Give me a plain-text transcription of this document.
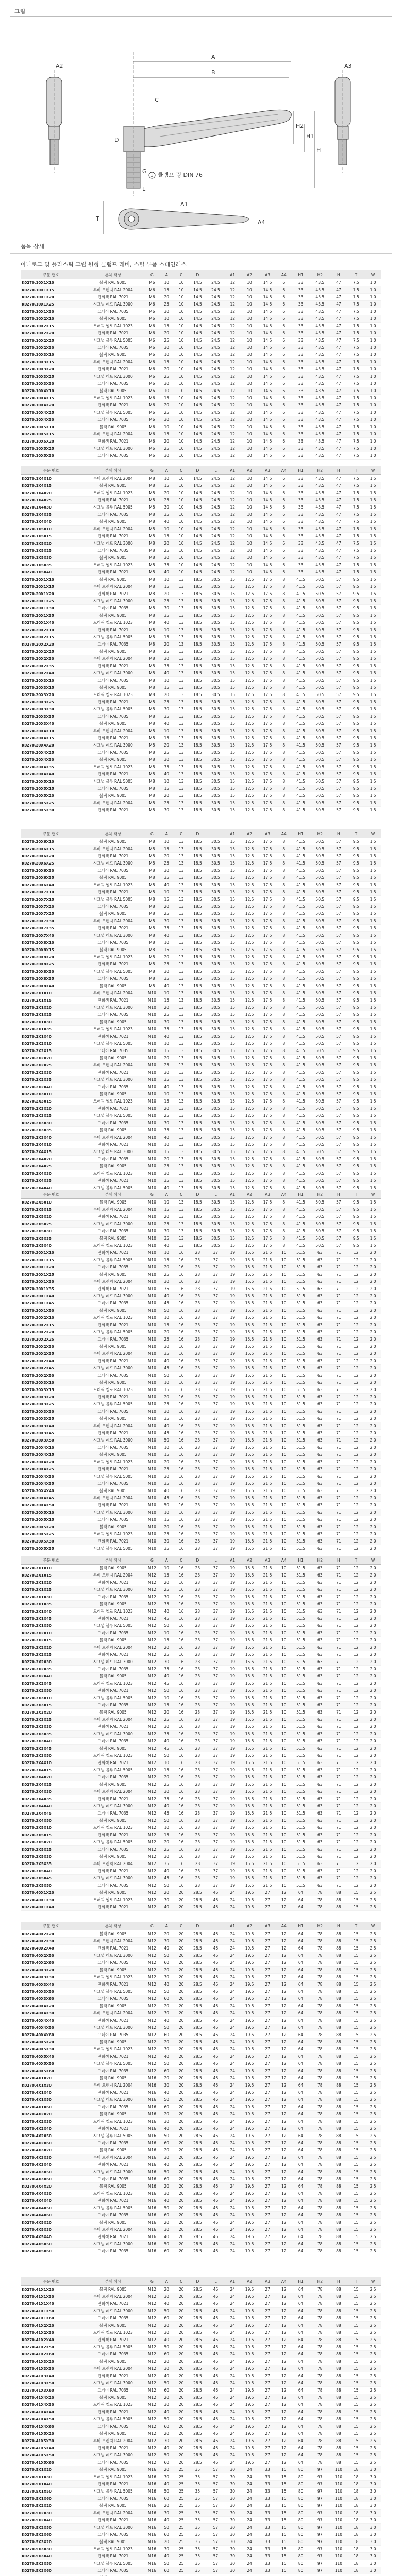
그림
A
B
H
H1
H2
G
D
L
C
T
A1
A2	A3
A4
1 클램프 링 DIN 76
품목 상세
아나로그 및 플라스틱 그립 원형 클램프 레버, 스틸 부품 스테인레스
주문 번호	본체 색상	G	A	C	D	L	A1	A2	A3	A4	H1	H2	H	T	W
K0270.10X1X10	블랙 RAL 9005	M6	10	10	14.5	24.5	12	10	14.5	6	33	43.5	47	7.5	1.0
K0270.10X1X15	루비 오렌지 RAL 2004	M6	15	10	14.5	24.5	12	10	14.5	6	33	43.5	47	7.5	1.0
K0270.10X1X20	진회색 RAL 7021	M6	20	10	14.5	24.5	12	10	14.5	6	33	43.5	47	7.5	1.0
K0270.10X1X25	시그널 레드 RAL 3000	M6	25	10	14.5	24.5	12	10	14.5	6	33	43.5	47	7.5	1.0
K0270.10X1X30	그레이 RAL 7035	M6	30	10	14.5	24.5	12	10	14.5	6	33	43.5	47	7.5	1.0
K0270.10X2X10	블랙 RAL 9005	M6	10	10	14.5	24.5	12	10	14.5	6	33	43.5	47	7.5	1.0
K0270.10X2X15	트래픽 옐로 RAL 1023	M6	15	10	14.5	24.5	12	10	14.5	6	33	43.5	47	7.5	1.0
K0270.10X2X20	진회색 RAL 7021	M6	20	10	14.5	24.5	12	10	14.5	6	33	43.5	47	7.5	1.0
K0270.10X2X25	시그널 블루 RAL 5005	M6	25	10	14.5	24.5	12	10	14.5	6	33	43.5	47	7.5	1.0
K0270.10X2X30	그레이 RAL 7035	M6	30	10	14.5	24.5	12	10	14.5	6	33	43.5	47	7.5	1.0
K0270.10X3X10	블랙 RAL 9005	M6	10	10	14.5	24.5	12	10	14.5	6	33	43.5	47	7.5	1.0
K0270.10X3X15	루비 오렌지 RAL 2004	M6	15	10	14.5	24.5	12	10	14.5	6	33	43.5	47	7.5	1.0
K0270.10X3X20	진회색 RAL 7021	M6	20	10	14.5	24.5	12	10	14.5	6	33	43.5	47	7.5	1.0
K0270.10X3X25	시그널 레드 RAL 3000	M6	25	10	14.5	24.5	12	10	14.5	6	33	43.5	47	7.5	1.0
K0270.10X3X30	그레이 RAL 7035	M6	30	10	14.5	24.5	12	10	14.5	6	33	43.5	47	7.5	1.0
K0270.10X4X10	블랙 RAL 9005	M6	10	10	14.5	24.5	12	10	14.5	6	33	43.5	47	7.5	1.0
K0270.10X4X15	트래픽 옐로 RAL 1023	M6	15	10	14.5	24.5	12	10	14.5	6	33	43.5	47	7.5	1.0
K0270.10X4X20	진회색 RAL 7021	M6	20	10	14.5	24.5	12	10	14.5	6	33	43.5	47	7.5	1.0
K0270.10X4X25	시그널 블루 RAL 5005	M6	25	10	14.5	24.5	12	10	14.5	6	33	43.5	47	7.5	1.0
K0270.10X4X30	그레이 RAL 7035	M6	30	10	14.5	24.5	12	10	14.5	6	33	43.5	47	7.5	1.0
K0270.10X5X10	블랙 RAL 9005	M6	10	10	14.5	24.5	12	10	14.5	6	33	43.5	47	7.5	1.0
K0270.10X5X15	루비 오렌지 RAL 2004	M6	15	10	14.5	24.5	12	10	14.5	6	33	43.5	47	7.5	1.0
K0270.10X5X20	진회색 RAL 7021	M6	20	10	14.5	24.5	12	10	14.5	6	33	43.5	47	7.5	1.0
K0270.10X5X25	시그널 레드 RAL 3000	M6	25	10	14.5	24.5	12	10	14.5	6	33	43.5	47	7.5	1.0
K0270.10X5X30	그레이 RAL 7035	M6	30	10	14.5	24.5	12	10	14.5	6	33	43.5	47	7.5	1.0
주문 번호	본체 색상	G	A	C	D	L	A1	A2	A3	A4	H1	H2	H	T	W
K0270.1X4X10	루비 오렌지 RAL 2004	M8	10	10	14.5	24.5	12	10	14.5	6	33	43.5	47	7.5	1.5
K0270.1X4X15	블랙 RAL 9005	M8	15	10	14.5	24.5	12	10	14.5	6	33	43.5	47	7.5	1.5
K0270.1X4X20	트래픽 옐로 RAL 1023	M8	20	10	14.5	24.5	12	10	14.5	6	33	43.5	47	7.5	1.5
K0270.1X4X25	진회색 RAL 7021	M8	25	10	14.5	24.5	12	10	14.5	6	33	43.5	47	7.5	1.5
K0270.1X4X30	시그널 블루 RAL 5005	M8	30	10	14.5	24.5	12	10	14.5	6	33	43.5	47	7.5	1.5
K0270.1X4X35	그레이 RAL 7035	M8	35	10	14.5	24.5	12	10	14.5	6	33	43.5	47	7.5	1.5
K0270.1X4X40	블랙 RAL 9005	M8	40	10	14.5	24.5	12	10	14.5	6	33	43.5	47	7.5	1.5
K0270.1X5X10	루비 오렌지 RAL 2004	M8	10	10	14.5	24.5	12	10	14.5	6	33	43.5	47	7.5	1.5
K0270.1X5X15	진회색 RAL 7021	M8	15	10	14.5	24.5	12	10	14.5	6	33	43.5	47	7.5	1.5
K0270.1X5X20	시그널 레드 RAL 3000	M8	20	10	14.5	24.5	12	10	14.5	6	33	43.5	47	7.5	1.5
K0270.1X5X25	그레이 RAL 7035	M8	25	10	14.5	24.5	12	10	14.5	6	33	43.5	47	7.5	1.5
K0270.1X5X30	블랙 RAL 9005	M8	30	10	14.5	24.5	12	10	14.5	6	33	43.5	47	7.5	1.5
K0270.1X5X35	트래픽 옐로 RAL 1023	M8	35	10	14.5	24.5	12	10	14.5	6	33	43.5	47	7.5	1.5
K0270.1X5X40	진회색 RAL 7021	M8	40	10	14.5	24.5	12	10	14.5	6	33	43.5	47	7.5	1.5
K0270.20X1X10	블랙 RAL 9005	M8	10	13	18.5	30.5	15	12.5	17.5	8	41.5	50.5	57	9.5	1.5
K0270.20X1X15	루비 오렌지 RAL 2004	M8	15	13	18.5	30.5	15	12.5	17.5	8	41.5	50.5	57	9.5	1.5
K0270.20X1X20	진회색 RAL 7021	M8	20	13	18.5	30.5	15	12.5	17.5	8	41.5	50.5	57	9.5	1.5
K0270.20X1X25	시그널 레드 RAL 3000	M8	25	13	18.5	30.5	15	12.5	17.5	8	41.5	50.5	57	9.5	1.5
K0270.20X1X30	그레이 RAL 7035	M8	30	13	18.5	30.5	15	12.5	17.5	8	41.5	50.5	57	9.5	1.5
K0270.20X1X35	블랙 RAL 9005	M8	35	13	18.5	30.5	15	12.5	17.5	8	41.5	50.5	57	9.5	1.5
K0270.20X1X40	트래픽 옐로 RAL 1023	M8	40	13	18.5	30.5	15	12.5	17.5	8	41.5	50.5	57	9.5	1.5
K0270.20X2X10	진회색 RAL 7021	M8	10	13	18.5	30.5	15	12.5	17.5	8	41.5	50.5	57	9.5	1.5
K0270.20X2X15	시그널 블루 RAL 5005	M8	15	13	18.5	30.5	15	12.5	17.5	8	41.5	50.5	57	9.5	1.5
K0270.20X2X20	그레이 RAL 7035	M8	20	13	18.5	30.5	15	12.5	17.5	8	41.5	50.5	57	9.5	1.5
K0270.20X2X25	블랙 RAL 9005	M8	25	13	18.5	30.5	15	12.5	17.5	8	41.5	50.5	57	9.5	1.5
K0270.20X2X30	루비 오렌지 RAL 2004	M8	30	13	18.5	30.5	15	12.5	17.5	8	41.5	50.5	57	9.5	1.5
K0270.20X2X35	진회색 RAL 7021	M8	35	13	18.5	30.5	15	12.5	17.5	8	41.5	50.5	57	9.5	1.5
K0270.20X2X40	시그널 레드 RAL 3000	M8	40	13	18.5	30.5	15	12.5	17.5	8	41.5	50.5	57	9.5	1.5
K0270.20X3X10	그레이 RAL 7035	M8	10	13	18.5	30.5	15	12.5	17.5	8	41.5	50.5	57	9.5	1.5
K0270.20X3X15	블랙 RAL 9005	M8	15	13	18.5	30.5	15	12.5	17.5	8	41.5	50.5	57	9.5	1.5
K0270.20X3X20	트래픽 옐로 RAL 1023	M8	20	13	18.5	30.5	15	12.5	17.5	8	41.5	50.5	57	9.5	1.5
K0270.20X3X25	진회색 RAL 7021	M8	25	13	18.5	30.5	15	12.5	17.5	8	41.5	50.5	57	9.5	1.5
K0270.20X3X30	시그널 블루 RAL 5005	M8	30	13	18.5	30.5	15	12.5	17.5	8	41.5	50.5	57	9.5	1.5
K0270.20X3X35	그레이 RAL 7035	M8	35	13	18.5	30.5	15	12.5	17.5	8	41.5	50.5	57	9.5	1.5
K0270.20X3X40	블랙 RAL 9005	M8	40	13	18.5	30.5	15	12.5	17.5	8	41.5	50.5	57	9.5	1.5
K0270.20X4X10	루비 오렌지 RAL 2004	M8	10	13	18.5	30.5	15	12.5	17.5	8	41.5	50.5	57	9.5	1.5
K0270.20X4X15	진회색 RAL 7021	M8	15	13	18.5	30.5	15	12.5	17.5	8	41.5	50.5	57	9.5	1.5
K0270.20X4X20	시그널 레드 RAL 3000	M8	20	13	18.5	30.5	15	12.5	17.5	8	41.5	50.5	57	9.5	1.5
K0270.20X4X25	그레이 RAL 7035	M8	25	13	18.5	30.5	15	12.5	17.5	8	41.5	50.5	57	9.5	1.5
K0270.20X4X30	블랙 RAL 9005	M8	30	13	18.5	30.5	15	12.5	17.5	8	41.5	50.5	57	9.5	1.5
K0270.20X4X35	트래픽 옐로 RAL 1023	M8	35	13	18.5	30.5	15	12.5	17.5	8	41.5	50.5	57	9.5	1.5
K0270.20X4X40	진회색 RAL 7021	M8	40	13	18.5	30.5	15	12.5	17.5	8	41.5	50.5	57	9.5	1.5
K0270.20X5X10	시그널 블루 RAL 5005	M8	10	13	18.5	30.5	15	12.5	17.5	8	41.5	50.5	57	9.5	1.5
K0270.20X5X15	그레이 RAL 7035	M8	15	13	18.5	30.5	15	12.5	17.5	8	41.5	50.5	57	9.5	1.5
K0270.20X5X20	블랙 RAL 9005	M8	20	13	18.5	30.5	15	12.5	17.5	8	41.5	50.5	57	9.5	1.5
K0270.20X5X25	루비 오렌지 RAL 2004	M8	25	13	18.5	30.5	15	12.5	17.5	8	41.5	50.5	57	9.5	1.5
K0270.20X5X30	진회색 RAL 7021	M8	30	13	18.5	30.5	15	12.5	17.5	8	41.5	50.5	57	9.5	1.5
주문 번호	본체 색상	G	A	C	D	L	A1	A2	A3	A4	H1	H2	H	T	W
K0270.20X6X10	블랙 RAL 9005	M8	10	13	18.5	30.5	15	12.5	17.5	8	41.5	50.5	57	9.5	1.5
K0270.20X6X15	루비 오렌지 RAL 2004	M8	15	13	18.5	30.5	15	12.5	17.5	8	41.5	50.5	57	9.5	1.5
K0270.20X6X20	진회색 RAL 7021	M8	20	13	18.5	30.5	15	12.5	17.5	8	41.5	50.5	57	9.5	1.5
K0270.20X6X25	시그널 레드 RAL 3000	M8	25	13	18.5	30.5	15	12.5	17.5	8	41.5	50.5	57	9.5	1.5
K0270.20X6X30	그레이 RAL 7035	M8	30	13	18.5	30.5	15	12.5	17.5	8	41.5	50.5	57	9.5	1.5
K0270.20X6X35	블랙 RAL 9005	M8	35	13	18.5	30.5	15	12.5	17.5	8	41.5	50.5	57	9.5	1.5
K0270.20X6X40	트래픽 옐로 RAL 1023	M8	40	13	18.5	30.5	15	12.5	17.5	8	41.5	50.5	57	9.5	1.5
K0270.20X7X10	진회색 RAL 7021	M8	10	13	18.5	30.5	15	12.5	17.5	8	41.5	50.5	57	9.5	1.5
K0270.20X7X15	시그널 블루 RAL 5005	M8	15	13	18.5	30.5	15	12.5	17.5	8	41.5	50.5	57	9.5	1.5
K0270.20X7X20	그레이 RAL 7035	M8	20	13	18.5	30.5	15	12.5	17.5	8	41.5	50.5	57	9.5	1.5
K0270.20X7X25	블랙 RAL 9005	M8	25	13	18.5	30.5	15	12.5	17.5	8	41.5	50.5	57	9.5	1.5
K0270.20X7X30	루비 오렌지 RAL 2004	M8	30	13	18.5	30.5	15	12.5	17.5	8	41.5	50.5	57	9.5	1.5
K0270.20X7X35	진회색 RAL 7021	M8	35	13	18.5	30.5	15	12.5	17.5	8	41.5	50.5	57	9.5	1.5
K0270.20X7X40	시그널 레드 RAL 3000	M8	40	13	18.5	30.5	15	12.5	17.5	8	41.5	50.5	57	9.5	1.5
K0270.20X8X10	그레이 RAL 7035	M8	10	13	18.5	30.5	15	12.5	17.5	8	41.5	50.5	57	9.5	1.5
K0270.20X8X15	블랙 RAL 9005	M8	15	13	18.5	30.5	15	12.5	17.5	8	41.5	50.5	57	9.5	1.5
K0270.20X8X20	트래픽 옐로 RAL 1023	M8	20	13	18.5	30.5	15	12.5	17.5	8	41.5	50.5	57	9.5	1.5
K0270.20X8X25	진회색 RAL 7021	M8	25	13	18.5	30.5	15	12.5	17.5	8	41.5	50.5	57	9.5	1.5
K0270.20X8X30	시그널 블루 RAL 5005	M8	30	13	18.5	30.5	15	12.5	17.5	8	41.5	50.5	57	9.5	1.5
K0270.20X8X35	그레이 RAL 7035	M8	35	13	18.5	30.5	15	12.5	17.5	8	41.5	50.5	57	9.5	1.5
K0270.20X8X40	블랙 RAL 9005	M8	40	13	18.5	30.5	15	12.5	17.5	8	41.5	50.5	57	9.5	1.5
K0270.2X1X10	루비 오렌지 RAL 2004	M10	10	13	18.5	30.5	15	12.5	17.5	8	41.5	50.5	57	9.5	1.5
K0270.2X1X15	진회색 RAL 7021	M10	15	13	18.5	30.5	15	12.5	17.5	8	41.5	50.5	57	9.5	1.5
K0270.2X1X20	시그널 레드 RAL 3000	M10	20	13	18.5	30.5	15	12.5	17.5	8	41.5	50.5	57	9.5	1.5
K0270.2X1X25	그레이 RAL 7035	M10	25	13	18.5	30.5	15	12.5	17.5	8	41.5	50.5	57	9.5	1.5
K0270.2X1X30	블랙 RAL 9005	M10	30	13	18.5	30.5	15	12.5	17.5	8	41.5	50.5	57	9.5	1.5
K0270.2X1X35	트래픽 옐로 RAL 1023	M10	35	13	18.5	30.5	15	12.5	17.5	8	41.5	50.5	57	9.5	1.5
K0270.2X1X40	진회색 RAL 7021	M10	40	13	18.5	30.5	15	12.5	17.5	8	41.5	50.5	57	9.5	1.5
K0270.2X2X10	시그널 블루 RAL 5005	M10	10	13	18.5	30.5	15	12.5	17.5	8	41.5	50.5	57	9.5	1.5
K0270.2X2X15	그레이 RAL 7035	M10	15	13	18.5	30.5	15	12.5	17.5	8	41.5	50.5	57	9.5	1.5
K0270.2X2X20	블랙 RAL 9005	M10	20	13	18.5	30.5	15	12.5	17.5	8	41.5	50.5	57	9.5	1.5
K0270.2X2X25	루비 오렌지 RAL 2004	M10	25	13	18.5	30.5	15	12.5	17.5	8	41.5	50.5	57	9.5	1.5
K0270.2X2X30	진회색 RAL 7021	M10	30	13	18.5	30.5	15	12.5	17.5	8	41.5	50.5	57	9.5	1.5
K0270.2X2X35	시그널 레드 RAL 3000	M10	35	13	18.5	30.5	15	12.5	17.5	8	41.5	50.5	57	9.5	1.5
K0270.2X2X40	그레이 RAL 7035	M10	40	13	18.5	30.5	15	12.5	17.5	8	41.5	50.5	57	9.5	1.5
K0270.2X3X10	블랙 RAL 9005	M10	10	13	18.5	30.5	15	12.5	17.5	8	41.5	50.5	57	9.5	1.5
K0270.2X3X15	트래픽 옐로 RAL 1023	M10	15	13	18.5	30.5	15	12.5	17.5	8	41.5	50.5	57	9.5	1.5
K0270.2X3X20	진회색 RAL 7021	M10	20	13	18.5	30.5	15	12.5	17.5	8	41.5	50.5	57	9.5	1.5
K0270.2X3X25	시그널 블루 RAL 5005	M10	25	13	18.5	30.5	15	12.5	17.5	8	41.5	50.5	57	9.5	1.5
K0270.2X3X30	그레이 RAL 7035	M10	30	13	18.5	30.5	15	12.5	17.5	8	41.5	50.5	57	9.5	1.5
K0270.2X3X35	블랙 RAL 9005	M10	35	13	18.5	30.5	15	12.5	17.5	8	41.5	50.5	57	9.5	1.5
K0270.2X3X40	루비 오렌지 RAL 2004	M10	40	13	18.5	30.5	15	12.5	17.5	8	41.5	50.5	57	9.5	1.5
K0270.2X4X10	진회색 RAL 7021	M10	10	13	18.5	30.5	15	12.5	17.5	8	41.5	50.5	57	9.5	1.5
K0270.2X4X15	시그널 레드 RAL 3000	M10	15	13	18.5	30.5	15	12.5	17.5	8	41.5	50.5	57	9.5	1.5
K0270.2X4X20	그레이 RAL 7035	M10	20	13	18.5	30.5	15	12.5	17.5	8	41.5	50.5	57	9.5	1.5
K0270.2X4X25	블랙 RAL 9005	M10	25	13	18.5	30.5	15	12.5	17.5	8	41.5	50.5	57	9.5	1.5
K0270.2X4X30	트래픽 옐로 RAL 1023	M10	30	13	18.5	30.5	15	12.5	17.5	8	41.5	50.5	57	9.5	1.5
K0270.2X4X35	진회색 RAL 7021	M10	35	13	18.5	30.5	15	12.5	17.5	8	41.5	50.5	57	9.5	1.5
K0270.2X4X40	시그널 블루 RAL 5005	M10	40	13	18.5	30.5	15	12.5	17.5	8	41.5	50.5	57	9.5	1.5
주문 번호	본체 색상	G	A	C	D	L	A1	A2	A3	A4	H1	H2	H	T	W
K0270.2X5X10	블랙 RAL 9005	M10	10	13	18.5	30.5	15	12.5	17.5	8	41.5	50.5	57	9.5	1.5
K0270.2X5X15	루비 오렌지 RAL 2004	M10	15	13	18.5	30.5	15	12.5	17.5	8	41.5	50.5	57	9.5	1.5
K0270.2X5X20	진회색 RAL 7021	M10	20	13	18.5	30.5	15	12.5	17.5	8	41.5	50.5	57	9.5	1.5
K0270.2X5X25	시그널 레드 RAL 3000	M10	25	13	18.5	30.5	15	12.5	17.5	8	41.5	50.5	57	9.5	1.5
K0270.2X5X30	그레이 RAL 7035	M10	30	13	18.5	30.5	15	12.5	17.5	8	41.5	50.5	57	9.5	1.5
K0270.2X5X35	블랙 RAL 9005	M10	35	13	18.5	30.5	15	12.5	17.5	8	41.5	50.5	57	9.5	1.5
K0270.2X5X40	트래픽 옐로 RAL 1023	M10	40	13	18.5	30.5	15	12.5	17.5	8	41.5	50.5	57	9.5	1.5
K0270.30X1X10	진회색 RAL 7021	M10	10	16	23	37	19	15.5	21.5	10	51.5	63	71	12	2.0
K0270.30X1X15	시그널 블루 RAL 5005	M10	15	16	23	37	19	15.5	21.5	10	51.5	63	71	12	2.0
K0270.30X1X20	그레이 RAL 7035	M10	20	16	23	37	19	15.5	21.5	10	51.5	63	71	12	2.0
K0270.30X1X25	블랙 RAL 9005	M10	25	16	23	37	19	15.5	21.5	10	51.5	63	71	12	2.0
K0270.30X1X30	루비 오렌지 RAL 2004	M10	30	16	23	37	19	15.5	21.5	10	51.5	63	71	12	2.0
K0270.30X1X35	진회색 RAL 7021	M10	35	16	23	37	19	15.5	21.5	10	51.5	63	71	12	2.0
K0270.30X1X40	시그널 레드 RAL 3000	M10	40	16	23	37	19	15.5	21.5	10	51.5	63	71	12	2.0
K0270.30X1X45	그레이 RAL 7035	M10	45	16	23	37	19	15.5	21.5	10	51.5	63	71	12	2.0
K0270.30X1X50	블랙 RAL 9005	M10	50	16	23	37	19	15.5	21.5	10	51.5	63	71	12	2.0
K0270.30X2X10	트래픽 옐로 RAL 1023	M10	10	16	23	37	19	15.5	21.5	10	51.5	63	71	12	2.0
K0270.30X2X15	진회색 RAL 7021	M10	15	16	23	37	19	15.5	21.5	10	51.5	63	71	12	2.0
K0270.30X2X20	시그널 블루 RAL 5005	M10	20	16	23	37	19	15.5	21.5	10	51.5	63	71	12	2.0
K0270.30X2X25	그레이 RAL 7035	M10	25	16	23	37	19	15.5	21.5	10	51.5	63	71	12	2.0
K0270.30X2X30	블랙 RAL 9005	M10	30	16	23	37	19	15.5	21.5	10	51.5	63	71	12	2.0
K0270.30X2X35	루비 오렌지 RAL 2004	M10	35	16	23	37	19	15.5	21.5	10	51.5	63	71	12	2.0
K0270.30X2X40	진회색 RAL 7021	M10	40	16	23	37	19	15.5	21.5	10	51.5	63	71	12	2.0
K0270.30X2X45	시그널 레드 RAL 3000	M10	45	16	23	37	19	15.5	21.5	10	51.5	63	71	12	2.0
K0270.30X2X50	그레이 RAL 7035	M10	50	16	23	37	19	15.5	21.5	10	51.5	63	71	12	2.0
K0270.30X3X10	블랙 RAL 9005	M10	10	16	23	37	19	15.5	21.5	10	51.5	63	71	12	2.0
K0270.30X3X15	트래픽 옐로 RAL 1023	M10	15	16	23	37	19	15.5	21.5	10	51.5	63	71	12	2.0
K0270.30X3X20	진회색 RAL 7021	M10	20	16	23	37	19	15.5	21.5	10	51.5	63	71	12	2.0
K0270.30X3X25	시그널 블루 RAL 5005	M10	25	16	23	37	19	15.5	21.5	10	51.5	63	71	12	2.0
K0270.30X3X30	그레이 RAL 7035	M10	30	16	23	37	19	15.5	21.5	10	51.5	63	71	12	2.0
K0270.30X3X35	블랙 RAL 9005	M10	35	16	23	37	19	15.5	21.5	10	51.5	63	71	12	2.0
K0270.30X3X40	루비 오렌지 RAL 2004	M10	40	16	23	37	19	15.5	21.5	10	51.5	63	71	12	2.0
K0270.30X3X45	진회색 RAL 7021	M10	45	16	23	37	19	15.5	21.5	10	51.5	63	71	12	2.0
K0270.30X3X50	시그널 레드 RAL 3000	M10	50	16	23	37	19	15.5	21.5	10	51.5	63	71	12	2.0
K0270.30X4X10	그레이 RAL 7035	M10	10	16	23	37	19	15.5	21.5	10	51.5	63	71	12	2.0
K0270.30X4X15	블랙 RAL 9005	M10	15	16	23	37	19	15.5	21.5	10	51.5	63	71	12	2.0
K0270.30X4X20	트래픽 옐로 RAL 1023	M10	20	16	23	37	19	15.5	21.5	10	51.5	63	71	12	2.0
K0270.30X4X25	진회색 RAL 7021	M10	25	16	23	37	19	15.5	21.5	10	51.5	63	71	12	2.0
K0270.30X4X30	시그널 블루 RAL 5005	M10	30	16	23	37	19	15.5	21.5	10	51.5	63	71	12	2.0
K0270.30X4X35	그레이 RAL 7035	M10	35	16	23	37	19	15.5	21.5	10	51.5	63	71	12	2.0
K0270.30X4X40	블랙 RAL 9005	M10	40	16	23	37	19	15.5	21.5	10	51.5	63	71	12	2.0
K0270.30X4X45	루비 오렌지 RAL 2004	M10	45	16	23	37	19	15.5	21.5	10	51.5	63	71	12	2.0
K0270.30X4X50	진회색 RAL 7021	M10	50	16	23	37	19	15.5	21.5	10	51.5	63	71	12	2.0
K0270.30X5X10	시그널 레드 RAL 3000	M10	10	16	23	37	19	15.5	21.5	10	51.5	63	71	12	2.0
K0270.30X5X15	그레이 RAL 7035	M10	15	16	23	37	19	15.5	21.5	10	51.5	63	71	12	2.0
K0270.30X5X20	블랙 RAL 9005	M10	20	16	23	37	19	15.5	21.5	10	51.5	63	71	12	2.0
K0270.30X5X25	트래픽 옐로 RAL 1023	M10	25	16	23	37	19	15.5	21.5	10	51.5	63	71	12	2.0
K0270.30X5X30	진회색 RAL 7021	M10	30	16	23	37	19	15.5	21.5	10	51.5	63	71	12	2.0
K0270.30X5X35	시그널 블루 RAL 5005	M10	35	16	23	37	19	15.5	21.5	10	51.5	63	71	12	2.0
주문 번호	본체 색상	G	A	C	D	L	A1	A2	A3	A4	H1	H2	H	T	W
K0270.3X1X10	블랙 RAL 9005	M12	10	16	23	37	19	15.5	21.5	10	51.5	63	71	12	2.0
K0270.3X1X15	루비 오렌지 RAL 2004	M12	15	16	23	37	19	15.5	21.5	10	51.5	63	71	12	2.0
K0270.3X1X20	진회색 RAL 7021	M12	20	16	23	37	19	15.5	21.5	10	51.5	63	71	12	2.0
K0270.3X1X25	시그널 레드 RAL 3000	M12	25	16	23	37	19	15.5	21.5	10	51.5	63	71	12	2.0
K0270.3X1X30	그레이 RAL 7035	M12	30	16	23	37	19	15.5	21.5	10	51.5	63	71	12	2.0
K0270.3X1X35	블랙 RAL 9005	M12	35	16	23	37	19	15.5	21.5	10	51.5	63	71	12	2.0
K0270.3X1X40	트래픽 옐로 RAL 1023	M12	40	16	23	37	19	15.5	21.5	10	51.5	63	71	12	2.0
K0270.3X1X45	진회색 RAL 7021	M12	45	16	23	37	19	15.5	21.5	10	51.5	63	71	12	2.0
K0270.3X1X50	시그널 블루 RAL 5005	M12	50	16	23	37	19	15.5	21.5	10	51.5	63	71	12	2.0
K0270.3X2X10	그레이 RAL 7035	M12	10	16	23	37	19	15.5	21.5	10	51.5	63	71	12	2.0
K0270.3X2X15	블랙 RAL 9005	M12	15	16	23	37	19	15.5	21.5	10	51.5	63	71	12	2.0
K0270.3X2X20	루비 오렌지 RAL 2004	M12	20	16	23	37	19	15.5	21.5	10	51.5	63	71	12	2.0
K0270.3X2X25	진회색 RAL 7021	M12	25	16	23	37	19	15.5	21.5	10	51.5	63	71	12	2.0
K0270.3X2X30	시그널 레드 RAL 3000	M12	30	16	23	37	19	15.5	21.5	10	51.5	63	71	12	2.0
K0270.3X2X35	그레이 RAL 7035	M12	35	16	23	37	19	15.5	21.5	10	51.5	63	71	12	2.0
K0270.3X2X40	블랙 RAL 9005	M12	40	16	23	37	19	15.5	21.5	10	51.5	63	71	12	2.0
K0270.3X2X45	트래픽 옐로 RAL 1023	M12	45	16	23	37	19	15.5	21.5	10	51.5	63	71	12	2.0
K0270.3X2X50	진회색 RAL 7021	M12	50	16	23	37	19	15.5	21.5	10	51.5	63	71	12	2.0
K0270.3X3X10	시그널 블루 RAL 5005	M12	10	16	23	37	19	15.5	21.5	10	51.5	63	71	12	2.0
K0270.3X3X15	그레이 RAL 7035	M12	15	16	23	37	19	15.5	21.5	10	51.5	63	71	12	2.0
K0270.3X3X20	블랙 RAL 9005	M12	20	16	23	37	19	15.5	21.5	10	51.5	63	71	12	2.0
K0270.3X3X25	루비 오렌지 RAL 2004	M12	25	16	23	37	19	15.5	21.5	10	51.5	63	71	12	2.0
K0270.3X3X30	진회색 RAL 7021	M12	30	16	23	37	19	15.5	21.5	10	51.5	63	71	12	2.0
K0270.3X3X35	시그널 레드 RAL 3000	M12	35	16	23	37	19	15.5	21.5	10	51.5	63	71	12	2.0
K0270.3X3X40	그레이 RAL 7035	M12	40	16	23	37	19	15.5	21.5	10	51.5	63	71	12	2.0
K0270.3X3X45	블랙 RAL 9005	M12	45	16	23	37	19	15.5	21.5	10	51.5	63	71	12	2.0
K0270.3X3X50	트래픽 옐로 RAL 1023	M12	50	16	23	37	19	15.5	21.5	10	51.5	63	71	12	2.0
K0270.3X4X10	진회색 RAL 7021	M12	10	16	23	37	19	15.5	21.5	10	51.5	63	71	12	2.0
K0270.3X4X15	시그널 블루 RAL 5005	M12	15	16	23	37	19	15.5	21.5	10	51.5	63	71	12	2.0
K0270.3X4X20	그레이 RAL 7035	M12	20	16	23	37	19	15.5	21.5	10	51.5	63	71	12	2.0
K0270.3X4X25	블랙 RAL 9005	M12	25	16	23	37	19	15.5	21.5	10	51.5	63	71	12	2.0
K0270.3X4X30	루비 오렌지 RAL 2004	M12	30	16	23	37	19	15.5	21.5	10	51.5	63	71	12	2.0
K0270.3X4X35	진회색 RAL 7021	M12	35	16	23	37	19	15.5	21.5	10	51.5	63	71	12	2.0
K0270.3X4X40	시그널 레드 RAL 3000	M12	40	16	23	37	19	15.5	21.5	10	51.5	63	71	12	2.0
K0270.3X4X45	그레이 RAL 7035	M12	45	16	23	37	19	15.5	21.5	10	51.5	63	71	12	2.0
K0270.3X4X50	블랙 RAL 9005	M12	50	16	23	37	19	15.5	21.5	10	51.5	63	71	12	2.0
K0270.3X5X10	트래픽 옐로 RAL 1023	M12	10	16	23	37	19	15.5	21.5	10	51.5	63	71	12	2.0
K0270.3X5X15	진회색 RAL 7021	M12	15	16	23	37	19	15.5	21.5	10	51.5	63	71	12	2.0
K0270.3X5X20	시그널 블루 RAL 5005	M12	20	16	23	37	19	15.5	21.5	10	51.5	63	71	12	2.0
K0270.3X5X25	그레이 RAL 7035	M12	25	16	23	37	19	15.5	21.5	10	51.5	63	71	12	2.0
K0270.3X5X30	블랙 RAL 9005	M12	30	16	23	37	19	15.5	21.5	10	51.5	63	71	12	2.0
K0270.3X5X35	루비 오렌지 RAL 2004	M12	35	16	23	37	19	15.5	21.5	10	51.5	63	71	12	2.0
K0270.3X5X40	진회색 RAL 7021	M12	40	16	23	37	19	15.5	21.5	10	51.5	63	71	12	2.0
K0270.3X5X45	시그널 레드 RAL 3000	M12	45	16	23	37	19	15.5	21.5	10	51.5	63	71	12	2.0
K0270.3X5X50	그레이 RAL 7035	M12	50	16	23	37	19	15.5	21.5	10	51.5	63	71	12	2.0
K0270.40X1X20	블랙 RAL 9005	M12	20	20	28.5	46	24	19.5	27	12	64	78	88	15	2.5
K0270.40X1X30	트래픽 옐로 RAL 1023	M12	30	20	28.5	46	24	19.5	27	12	64	78	88	15	2.5
K0270.40X1X40	진회색 RAL 7021	M12	40	20	28.5	46	24	19.5	27	12	64	78	88	15	2.5
주문 번호	본체 색상	G	A	C	D	L	A1	A2	A3	A4	H1	H2	H	T	W
K0270.40X2X20	블랙 RAL 9005	M12	20	20	28.5	46	24	19.5	27	12	64	78	88	15	2.5
K0270.40X2X30	루비 오렌지 RAL 2004	M12	30	20	28.5	46	24	19.5	27	12	64	78	88	15	2.5
K0270.40X2X40	진회색 RAL 7021	M12	40	20	28.5	46	24	19.5	27	12	64	78	88	15	2.5
K0270.40X2X50	시그널 레드 RAL 3000	M12	50	20	28.5	46	24	19.5	27	12	64	78	88	15	2.5
K0270.40X2X60	그레이 RAL 7035	M12	60	20	28.5	46	24	19.5	27	12	64	78	88	15	2.5
K0270.40X3X20	블랙 RAL 9005	M12	20	20	28.5	46	24	19.5	27	12	64	78	88	15	2.5
K0270.40X3X30	트래픽 옐로 RAL 1023	M12	30	20	28.5	46	24	19.5	27	12	64	78	88	15	2.5
K0270.40X3X40	진회색 RAL 7021	M12	40	20	28.5	46	24	19.5	27	12	64	78	88	15	2.5
K0270.40X3X50	시그널 블루 RAL 5005	M12	50	20	28.5	46	24	19.5	27	12	64	78	88	15	2.5
K0270.40X3X60	그레이 RAL 7035	M12	60	20	28.5	46	24	19.5	27	12	64	78	88	15	2.5
K0270.40X4X20	블랙 RAL 9005	M12	20	20	28.5	46	24	19.5	27	12	64	78	88	15	2.5
K0270.40X4X30	루비 오렌지 RAL 2004	M12	30	20	28.5	46	24	19.5	27	12	64	78	88	15	2.5
K0270.40X4X40	진회색 RAL 7021	M12	40	20	28.5	46	24	19.5	27	12	64	78	88	15	2.5
K0270.40X4X50	시그널 레드 RAL 3000	M12	50	20	28.5	46	24	19.5	27	12	64	78	88	15	2.5
K0270.40X4X60	그레이 RAL 7035	M12	60	20	28.5	46	24	19.5	27	12	64	78	88	15	2.5
K0270.40X5X20	블랙 RAL 9005	M12	20	20	28.5	46	24	19.5	27	12	64	78	88	15	2.5
K0270.40X5X30	트래픽 옐로 RAL 1023	M12	30	20	28.5	46	24	19.5	27	12	64	78	88	15	2.5
K0270.40X5X40	진회색 RAL 7021	M12	40	20	28.5	46	24	19.5	27	12	64	78	88	15	2.5
K0270.40X5X50	시그널 블루 RAL 5005	M12	50	20	28.5	46	24	19.5	27	12	64	78	88	15	2.5
K0270.40X5X60	그레이 RAL 7035	M12	60	20	28.5	46	24	19.5	27	12	64	78	88	15	2.5
K0270.4X1X20	블랙 RAL 9005	M16	20	20	28.5	46	24	19.5	27	12	64	78	88	15	2.5
K0270.4X1X30	루비 오렌지 RAL 2004	M16	30	20	28.5	46	24	19.5	27	12	64	78	88	15	2.5
K0270.4X1X40	진회색 RAL 7021	M16	40	20	28.5	46	24	19.5	27	12	64	78	88	15	2.5
K0270.4X1X50	시그널 레드 RAL 3000	M16	50	20	28.5	46	24	19.5	27	12	64	78	88	15	2.5
K0270.4X1X60	그레이 RAL 7035	M16	60	20	28.5	46	24	19.5	27	12	64	78	88	15	2.5
K0270.4X2X20	블랙 RAL 9005	M16	20	20	28.5	46	24	19.5	27	12	64	78	88	15	2.5
K0270.4X2X30	트래픽 옐로 RAL 1023	M16	30	20	28.5	46	24	19.5	27	12	64	78	88	15	2.5
K0270.4X2X40	진회색 RAL 7021	M16	40	20	28.5	46	24	19.5	27	12	64	78	88	15	2.5
K0270.4X2X50	시그널 블루 RAL 5005	M16	50	20	28.5	46	24	19.5	27	12	64	78	88	15	2.5
K0270.4X2X60	그레이 RAL 7035	M16	60	20	28.5	46	24	19.5	27	12	64	78	88	15	2.5
K0270.4X3X20	블랙 RAL 9005	M16	20	20	28.5	46	24	19.5	27	12	64	78	88	15	2.5
K0270.4X3X30	루비 오렌지 RAL 2004	M16	30	20	28.5	46	24	19.5	27	12	64	78	88	15	2.5
K0270.4X3X40	진회색 RAL 7021	M16	40	20	28.5	46	24	19.5	27	12	64	78	88	15	2.5
K0270.4X3X50	시그널 레드 RAL 3000	M16	50	20	28.5	46	24	19.5	27	12	64	78	88	15	2.5
K0270.4X3X60	그레이 RAL 7035	M16	60	20	28.5	46	24	19.5	27	12	64	78	88	15	2.5
K0270.4X4X20	블랙 RAL 9005	M16	20	20	28.5	46	24	19.5	27	12	64	78	88	15	2.5
K0270.4X4X30	트래픽 옐로 RAL 1023	M16	30	20	28.5	46	24	19.5	27	12	64	78	88	15	2.5
K0270.4X4X40	진회색 RAL 7021	M16	40	20	28.5	46	24	19.5	27	12	64	78	88	15	2.5
K0270.4X4X50	시그널 블루 RAL 5005	M16	50	20	28.5	46	24	19.5	27	12	64	78	88	15	2.5
K0270.4X4X60	그레이 RAL 7035	M16	60	20	28.5	46	24	19.5	27	12	64	78	88	15	2.5
K0270.4X5X20	블랙 RAL 9005	M16	20	20	28.5	46	24	19.5	27	12	64	78	88	15	2.5
K0270.4X5X30	루비 오렌지 RAL 2004	M16	30	20	28.5	46	24	19.5	27	12	64	78	88	15	2.5
K0270.4X5X40	진회색 RAL 7021	M16	40	20	28.5	46	24	19.5	27	12	64	78	88	15	2.5
K0270.4X5X50	시그널 레드 RAL 3000	M16	50	20	28.5	46	24	19.5	27	12	64	78	88	15	2.5
K0270.4X5X60	그레이 RAL 7035	M16	60	20	28.5	46	24	19.5	27	12	64	78	88	15	2.5
주문 번호	본체 색상	G	A	C	D	L	A1	A2	A3	A4	H1	H2	H	T	W
K0270.41X1X20	블랙 RAL 9005	M12	20	20	28.5	46	24	19.5	27	12	64	78	88	15	2.5
K0270.41X1X30	루비 오렌지 RAL 2004	M12	30	20	28.5	46	24	19.5	27	12	64	78	88	15	2.5
K0270.41X1X40	진회색 RAL 7021	M12	40	20	28.5	46	24	19.5	27	12	64	78	88	15	2.5
K0270.41X1X50	시그널 레드 RAL 3000	M12	50	20	28.5	46	24	19.5	27	12	64	78	88	15	2.5
K0270.41X1X60	그레이 RAL 7035	M12	60	20	28.5	46	24	19.5	27	12	64	78	88	15	2.5
K0270.41X2X20	블랙 RAL 9005	M12	20	20	28.5	46	24	19.5	27	12	64	78	88	15	2.5
K0270.41X2X30	트래픽 옐로 RAL 1023	M12	30	20	28.5	46	24	19.5	27	12	64	78	88	15	2.5
K0270.41X2X40	진회색 RAL 7021	M12	40	20	28.5	46	24	19.5	27	12	64	78	88	15	2.5
K0270.41X2X50	시그널 블루 RAL 5005	M12	50	20	28.5	46	24	19.5	27	12	64	78	88	15	2.5
K0270.41X2X60	그레이 RAL 7035	M12	60	20	28.5	46	24	19.5	27	12	64	78	88	15	2.5
K0270.41X3X20	블랙 RAL 9005	M12	20	20	28.5	46	24	19.5	27	12	64	78	88	15	2.5
K0270.41X3X30	루비 오렌지 RAL 2004	M12	30	20	28.5	46	24	19.5	27	12	64	78	88	15	2.5
K0270.41X3X40	진회색 RAL 7021	M12	40	20	28.5	46	24	19.5	27	12	64	78	88	15	2.5
K0270.41X3X50	시그널 레드 RAL 3000	M12	50	20	28.5	46	24	19.5	27	12	64	78	88	15	2.5
K0270.41X3X60	그레이 RAL 7035	M12	60	20	28.5	46	24	19.5	27	12	64	78	88	15	2.5
K0270.41X4X20	블랙 RAL 9005	M12	20	20	28.5	46	24	19.5	27	12	64	78	88	15	2.5
K0270.41X4X30	트래픽 옐로 RAL 1023	M12	30	20	28.5	46	24	19.5	27	12	64	78	88	15	2.5
K0270.41X4X40	진회색 RAL 7021	M12	40	20	28.5	46	24	19.5	27	12	64	78	88	15	2.5
K0270.41X4X50	시그널 블루 RAL 5005	M12	50	20	28.5	46	24	19.5	27	12	64	78	88	15	2.5
K0270.41X4X60	그레이 RAL 7035	M12	60	20	28.5	46	24	19.5	27	12	64	78	88	15	2.5
K0270.41X5X20	블랙 RAL 9005	M12	20	20	28.5	46	24	19.5	27	12	64	78	88	15	2.5
K0270.41X5X30	루비 오렌지 RAL 2004	M12	30	20	28.5	46	24	19.5	27	12	64	78	88	15	2.5
K0270.41X5X40	진회색 RAL 7021	M12	40	20	28.5	46	24	19.5	27	12	64	78	88	15	2.5
K0270.41X5X50	시그널 레드 RAL 3000	M12	50	20	28.5	46	24	19.5	27	12	64	78	88	15	2.5
K0270.41X5X60	그레이 RAL 7035	M12	60	20	28.5	46	24	19.5	27	12	64	78	88	15	2.5
K0270.5X1X20	블랙 RAL 9005	M16	20	25	35	57	30	24	33	15	80	97	110	18	3.0
K0270.5X1X30	트래픽 옐로 RAL 1023	M16	30	25	35	57	30	24	33	15	80	97	110	18	3.0
K0270.5X1X40	진회색 RAL 7021	M16	40	25	35	57	30	24	33	15	80	97	110	18	3.0
K0270.5X1X50	시그널 블루 RAL 5005	M16	50	25	35	57	30	24	33	15	80	97	110	18	3.0
K0270.5X1X60	그레이 RAL 7035	M16	60	25	35	57	30	24	33	15	80	97	110	18	3.0
K0270.5X2X20	블랙 RAL 9005	M16	20	25	35	57	30	24	33	15	80	97	110	18	3.0
K0270.5X2X30	루비 오렌지 RAL 2004	M16	30	25	35	57	30	24	33	15	80	97	110	18	3.0
K0270.5X2X40	진회색 RAL 7021	M16	40	25	35	57	30	24	33	15	80	97	110	18	3.0
K0270.5X2X50	시그널 레드 RAL 3000	M16	50	25	35	57	30	24	33	15	80	97	110	18	3.0
K0270.5X2X60	그레이 RAL 7035	M16	60	25	35	57	30	24	33	15	80	97	110	18	3.0
K0270.5X3X20	블랙 RAL 9005	M16	20	25	35	57	30	24	33	15	80	97	110	18	3.0
K0270.5X3X30	트래픽 옐로 RAL 1023	M16	30	25	35	57	30	24	33	15	80	97	110	18	3.0
K0270.5X3X40	진회색 RAL 7021	M16	40	25	35	57	30	24	33	15	80	97	110	18	3.0
K0270.5X3X50	시그널 블루 RAL 5005	M16	50	25	35	57	30	24	33	15	80	97	110	18	3.0
K0270.5X3X60	그레이 RAL 7035	M16	60	25	35	57	30	24	33	15	80	97	110	18	3.0
